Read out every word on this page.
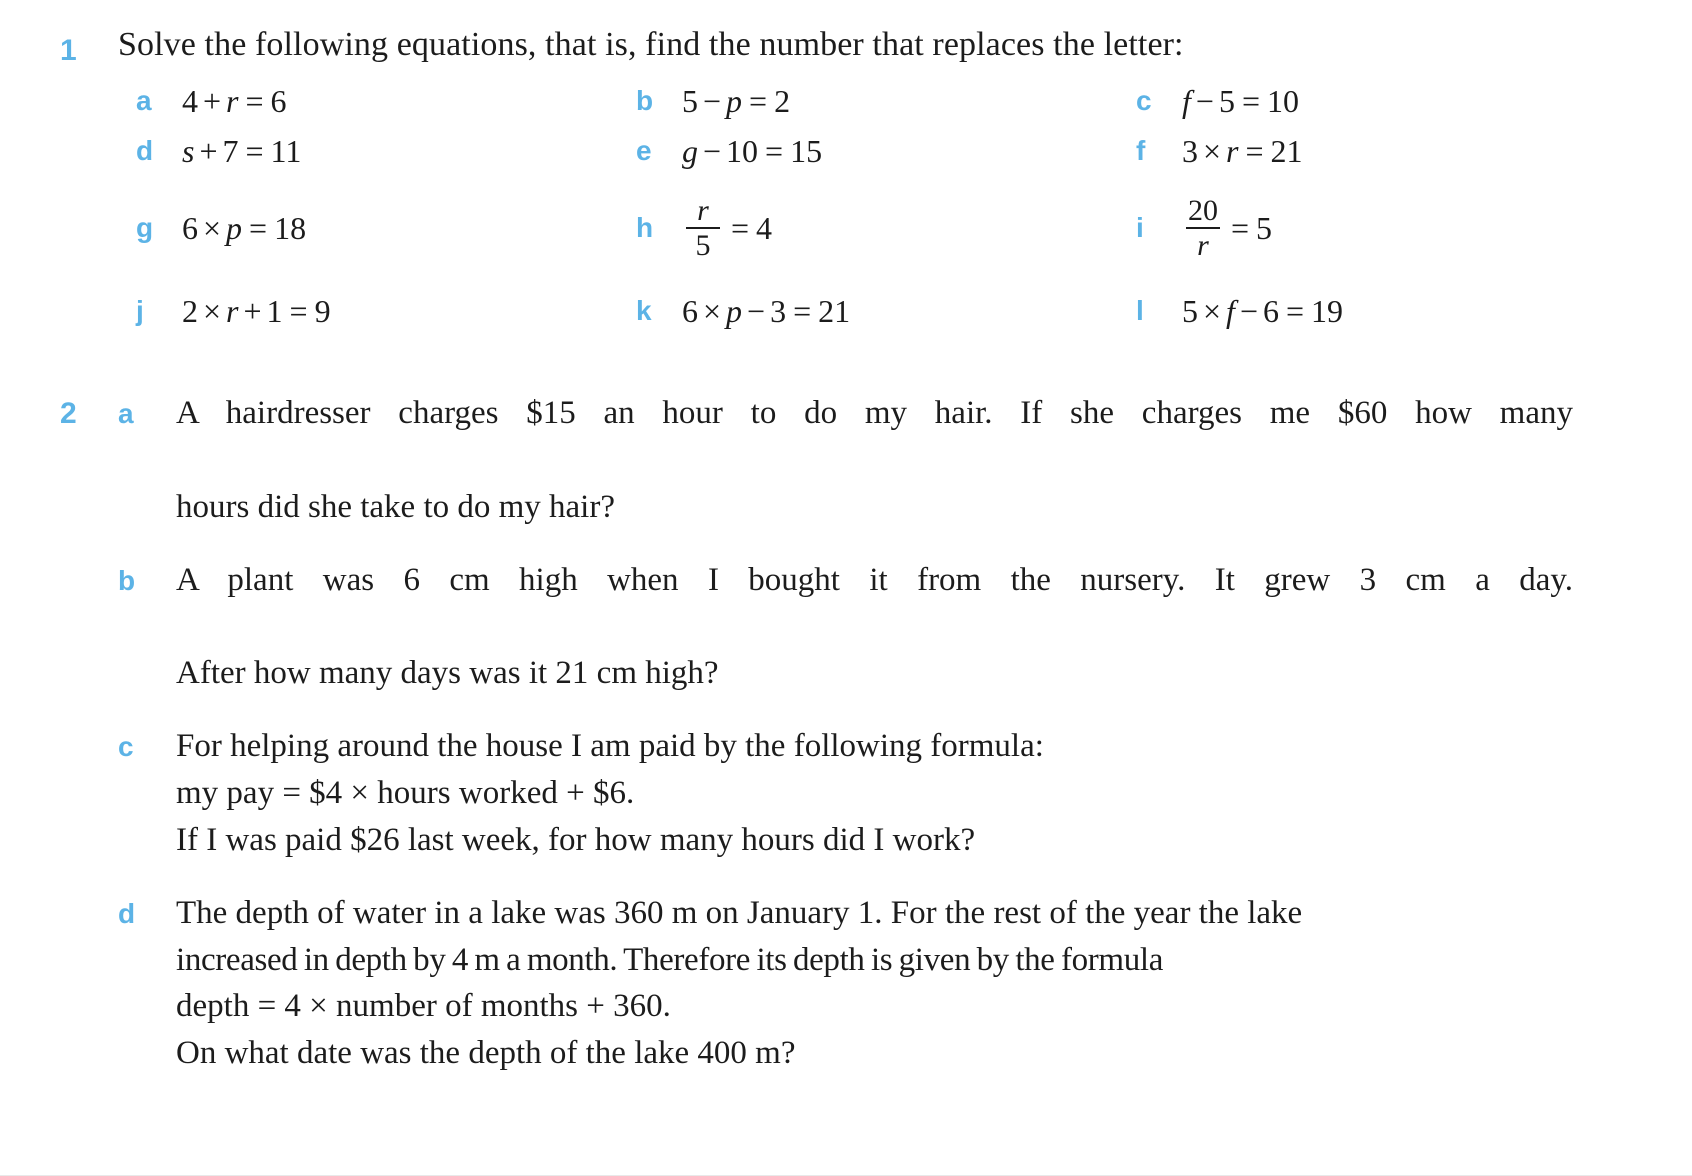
1	Solve the following equations, that is, find the number that replaces the letter:
a 4 + r = 6	b 5 − p = 2	c f − 5 = 10
d s + 7 = 11	e g − 10 = 15	f	3 × r = 21
g 6 × p = 18	h	$\frac{r}{5} = 4$	i	$\frac{20}{r} = 5$
j	2 × r + 1 = 9	k 6 × p − 3 = 21	l	5 × f − 6 = 19
2	a	A hairdresser charges $15 an hour to do my hair. If she charges me $60 how many

hours did she take to do my hair?

b	A plant was 6 cm high when I bought it from the nursery. It grew 3 cm a day.

After how many days was it 21 cm high?

c	For helping around the house I am paid by the following formula:

my pay = $4 × hours worked + $6.

If I was paid $26 last week, for how many hours did I work?

d	The depth of water in a lake was 360 m on January 1. For the rest of the year the lake

increased in depth by 4 m a month. Therefore its depth is given by the formula

depth = 4 × number of months + 360.

On what date was the depth of the lake 400 m?
